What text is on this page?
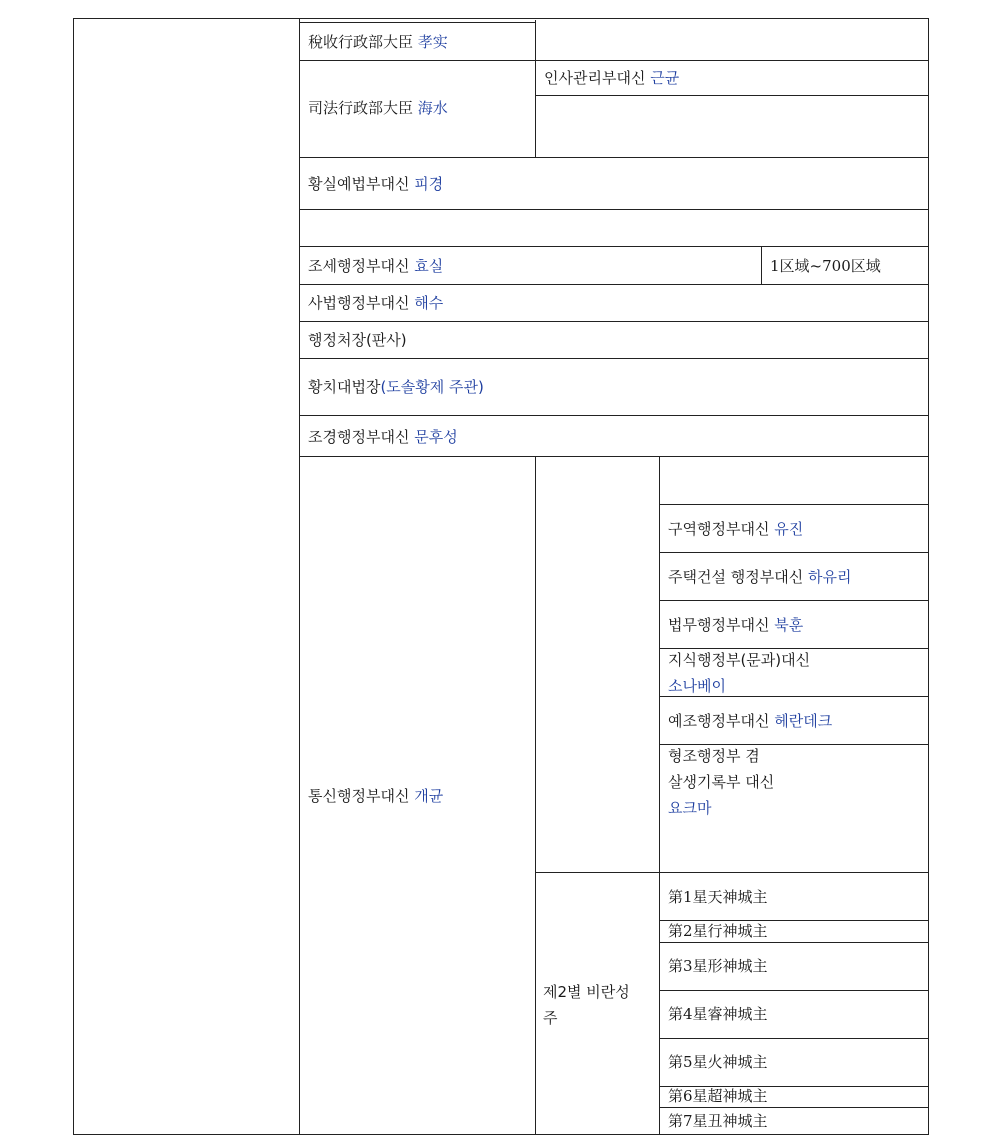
稅收行政部大臣 孝实
司法行政部大臣 海水
인사관리부대신 근균
황실예법부대신 피경
조세행정부대신 효실	1区域~700区域
사법행정부대신 해수
행정처장(판사)
황치대법장(도솔황제 주관)
조경행정부대신 문후성
통신행정부대신 개균
구역행정부대신 유진
주택건설 행정부대신 하유리
법무행정부대신 북훈
지식행정부(문과)대신
소나베이
예조행정부대신 헤란데크
형조행정부 겸
살생기록부 대신
요크마
제2별 비란성
주
第1星天神城主
第2星行神城主
第3星形神城主
第4星睿神城主
第5星火神城主
第6星超神城主
第7星丑神城主
